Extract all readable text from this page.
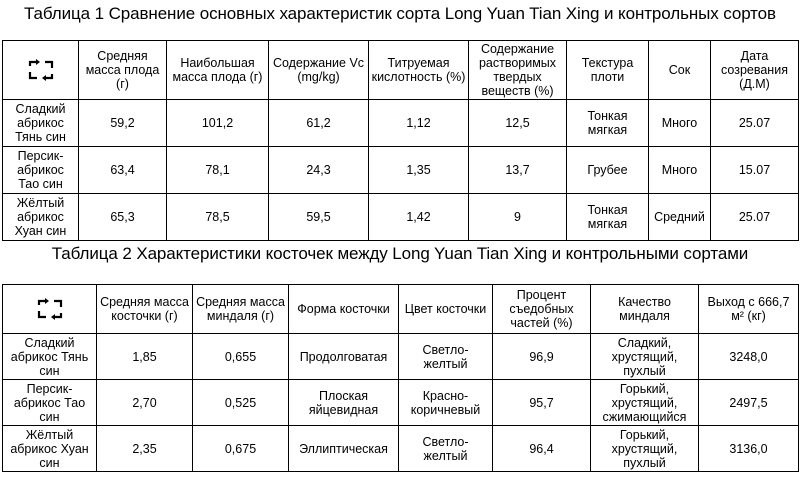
Таблица 1 Сравнение основных характеристик сорта Long Yuan Tian Xing и контрольных сортов
	Средняя масса плода (г)	Наибольшая масса плода (г)	Содержание Vc (mg/kg)	Титруемая кислотность (%)	Содержание растворимых твердых веществ (%)	Текстура плоти	Сок	Дата созревания (Д.М)
Сладкий абрикос Тянь син	59,2	101,2	61,2	1,12	12,5	Тонкая мягкая	Много	25.07
Персик-абрикос Тао син	63,4	78,1	24,3	1,35	13,7	Грубее	Много	15.07
Жёлтый абрикос Хуан син	65,3	78,5	59,5	1,42	9	Тонкая мягкая	Средний	25.07
Таблица 2 Характеристики косточек между Long Yuan Tian Xing и контрольными сортами
	Средняя масса косточки (г)	Средняя масса миндаля (г)	Форма косточки	Цвет косточки	Процент съедобных частей (%)	Качество миндаля	Выход с 666,7 м² (кг)
Сладкий абрикос Тянь син	1,85	0,655	Продолговатая	Светло-желтый	96,9	Сладкий, хрустящий, пухлый	3248,0
Персик-абрикос Тао син	2,70	0,525	Плоская яйцевидная	Красно-коричневый	95,7	Горький, хрустящий, сжимающийся	2497,5
Жёлтый абрикос Хуан син	2,35	0,675	Эллиптическая	Светло-желтый	96,4	Горький, хрустящий, пухлый	3136,0
